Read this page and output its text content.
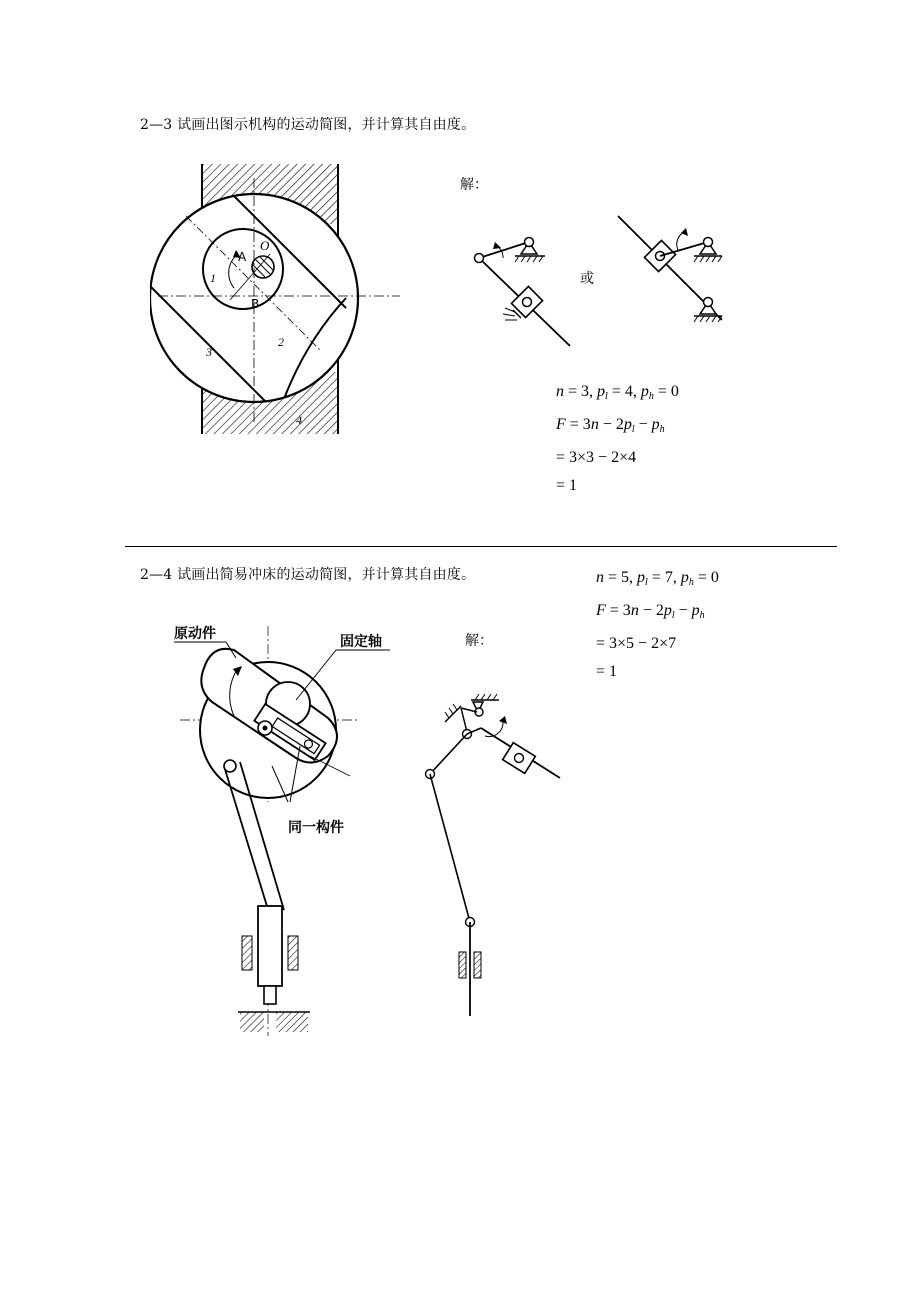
2—3 试画出图示机构的运动简图，并计算其自由度。
O
A
B
1
2
3
4
解：
或
n = 3, $p_l = 4$, $p_h = 0$
$F = 3n - 2p_l - p_h$
= 3×3 − 2×4
= 1
2—4 试画出简易冲床的运动简图，并计算其自由度。	n = 5, $p_l = 7$, $p_h = 0$
$F = 3n - 2p_l - p_h$
= 3×5 − 2×7
= 1
原动件	固定轴
同一构件
解：
